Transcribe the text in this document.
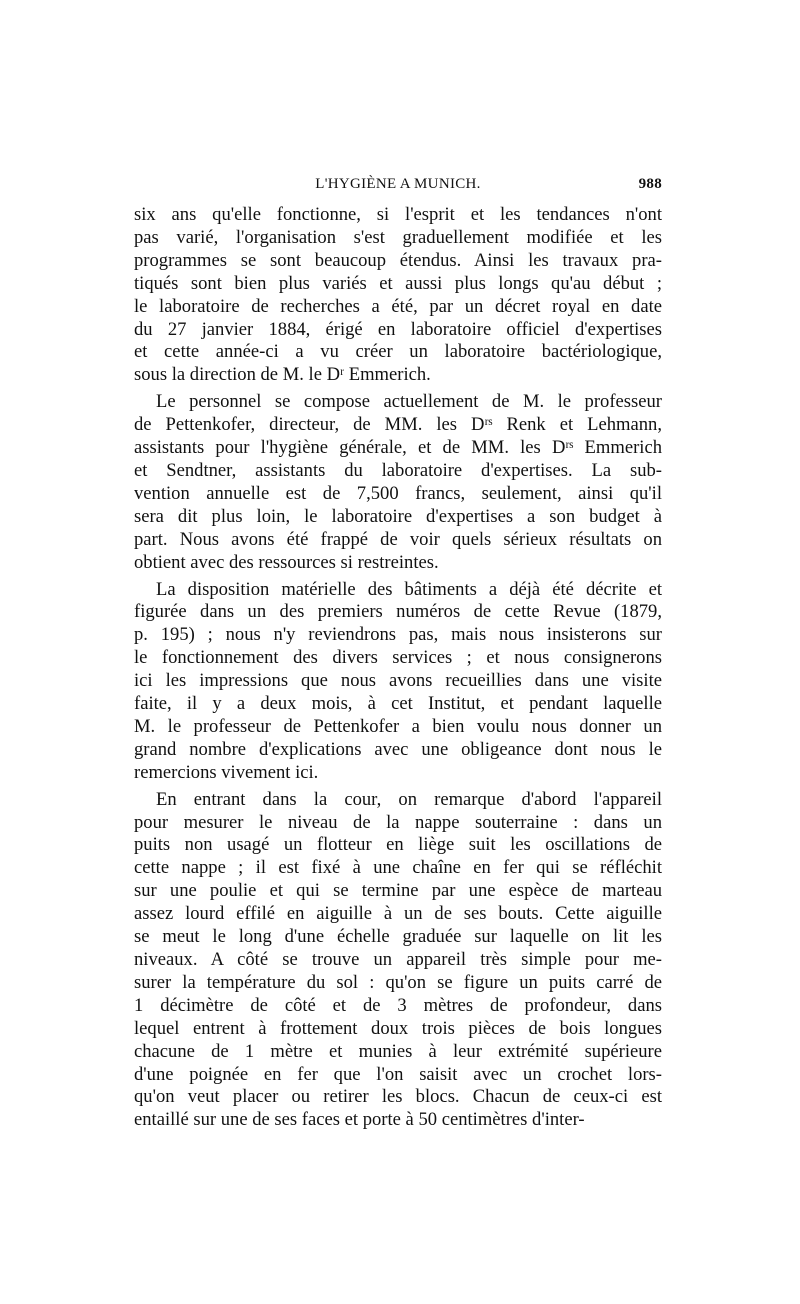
L'HYGIÈNE A MUNICH.	988

six ans qu'elle fonctionne, si l'esprit et les tendances n'ont
pas varié, l'organisation s'est graduellement modifiée et les
programmes se sont beaucoup étendus. Ainsi les travaux pra-
tiqués sont bien plus variés et aussi plus longs qu'au début ;
le laboratoire de recherches a été, par un décret royal en date
du 27 janvier 1884, érigé en laboratoire officiel d'expertises
et cette année-ci a vu créer un laboratoire bactériologique,
sous la direction de M. le Dʳ Emmerich.

Le personnel se compose actuellement de M. le professeur
de Pettenkofer, directeur, de MM. les Dʳˢ Renk et Lehmann,
assistants pour l'hygiène générale, et de MM. les Dʳˢ Emmerich
et Sendtner, assistants du laboratoire d'expertises. La sub-
vention annuelle est de 7,500 francs, seulement, ainsi qu'il
sera dit plus loin, le laboratoire d'expertises a son budget à
part. Nous avons été frappé de voir quels sérieux résultats on
obtient avec des ressources si restreintes.

La disposition matérielle des bâtiments a déjà été décrite et
figurée dans un des premiers numéros de cette Revue (1879,
p. 195) ; nous n'y reviendrons pas, mais nous insisterons sur
le fonctionnement des divers services ; et nous consignerons
ici les impressions que nous avons recueillies dans une visite
faite, il y a deux mois, à cet Institut, et pendant laquelle
M. le professeur de Pettenkofer a bien voulu nous donner un
grand nombre d'explications avec une obligeance dont nous le
remercions vivement ici.

En entrant dans la cour, on remarque d'abord l'appareil
pour mesurer le niveau de la nappe souterraine : dans un
puits non usagé un flotteur en liège suit les oscillations de
cette nappe ; il est fixé à une chaîne en fer qui se réfléchit
sur une poulie et qui se termine par une espèce de marteau
assez lourd effilé en aiguille à un de ses bouts. Cette aiguille
se meut le long d'une échelle graduée sur laquelle on lit les
niveaux. A côté se trouve un appareil très simple pour me-
surer la température du sol : qu'on se figure un puits carré de
1 décimètre de côté et de 3 mètres de profondeur, dans
lequel entrent à frottement doux trois pièces de bois longues
chacune de 1 mètre et munies à leur extrémité supérieure
d'une poignée en fer que l'on saisit avec un crochet lors-
qu'on veut placer ou retirer les blocs. Chacun de ceux-ci est
entaillé sur une de ses faces et porte à 50 centimètres d'inter-
